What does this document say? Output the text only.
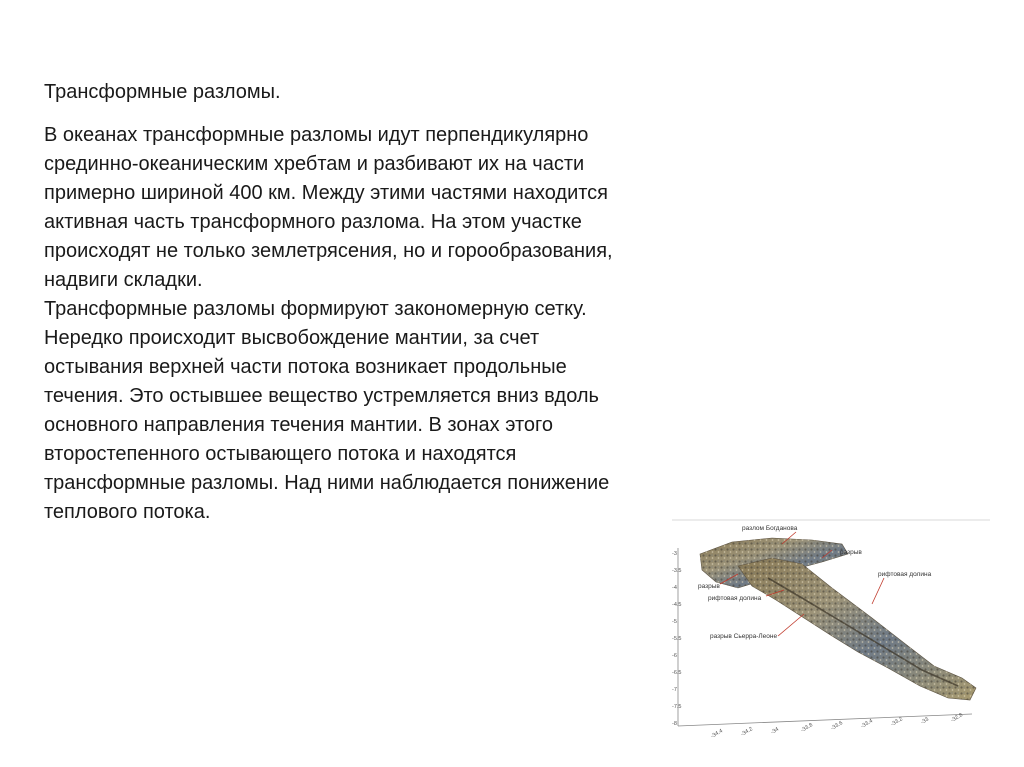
Трансформные разломы.
В океанах трансформные разломы идут перпендикулярно
срединно-океаническим хребтам и разбивают их на части
примерно шириной 400 км. Между этими частями находится
активная часть трансформного разлома. На этом участке
происходят не только землетрясения, но и горообразования,
надвиги складки.
Трансформные разломы формируют закономерную сетку.
Нередко происходит высвобождение мантии, за счет
остывания верхней части потока возникает продольные
течения. Это остывшее вещество устремляется вниз вдоль
основного направления течения мантии. В зонах этого
второстепенного остывающего потока и находятся
трансформные разломы. Над ними наблюдается понижение
теплового потока.
-3
-3.5
-4
-4.5
-5
-5.5
-6
-6.5
-7
-7.5
-8
-34.4	-34.2	-34	-33.8	-33.6	-33.4	-33.2	-33	-32.8
разлом Богданова
разрыв
разрыв
рифтовая долина
рифтовая долина
разрыв Сьерра-Леоне
